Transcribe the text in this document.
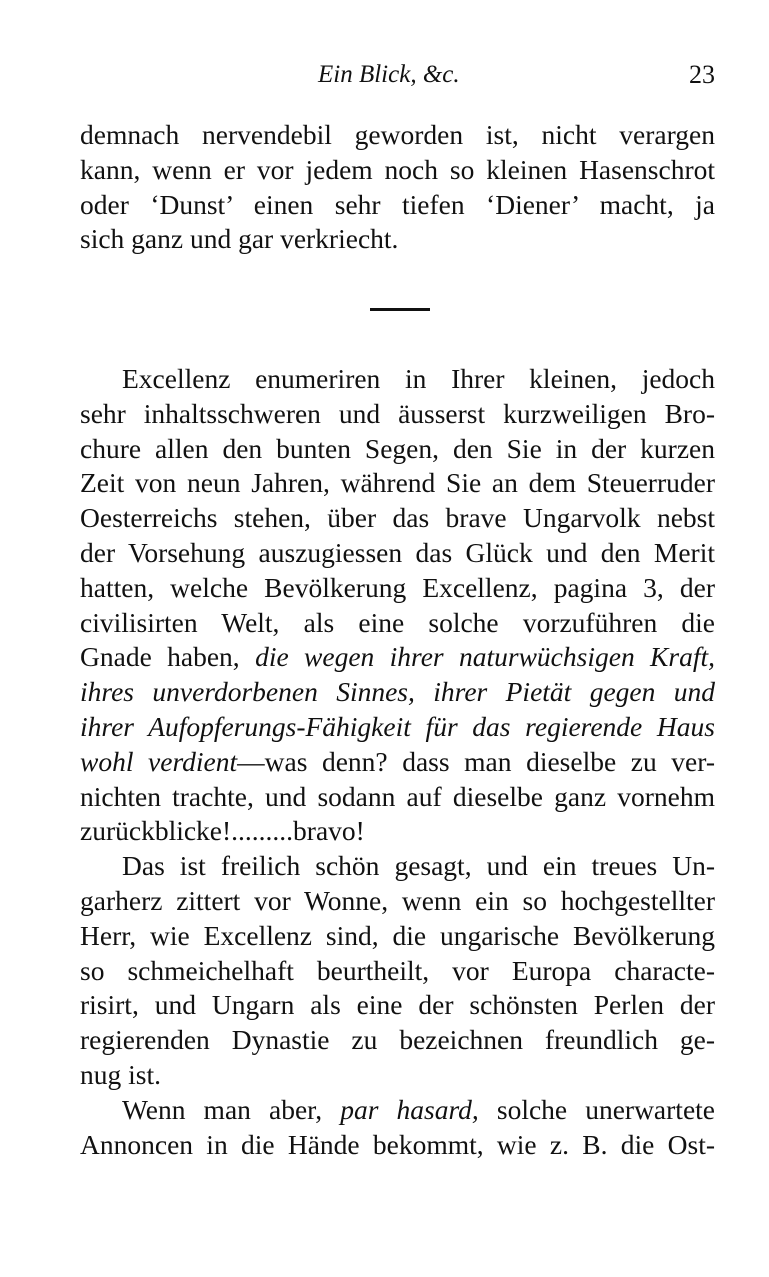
Ein Blick, &c.	23
demnach nervendebil geworden ist, nicht verargen
kann, wenn er vor jedem noch so kleinen Hasenschrot
oder ‘Dunst’ einen sehr tiefen ‘Diener’ macht, ja
sich ganz und gar verkriecht.
Excellenz enumeriren in Ihrer kleinen, jedoch
sehr inhaltsschweren und äusserst kurzweiligen Bro-
chure allen den bunten Segen, den Sie in der kurzen
Zeit von neun Jahren, während Sie an dem Steuerruder
Oesterreichs stehen, über das brave Ungarvolk nebst
der Vorsehung auszugiessen das Glück und den Merit
hatten, welche Bevölkerung Excellenz, pagina 3, der
civilisirten Welt, als eine solche vorzuführen die
Gnade haben, die wegen ihrer naturwüchsigen Kraft,
ihres unverdorbenen Sinnes, ihrer Pietät gegen und
ihrer Aufopferungs-Fähigkeit für das regierende Haus
wohl verdient—was denn? dass man dieselbe zu ver-
nichten trachte, und sodann auf dieselbe ganz vornehm
zurückblicke!.........bravo!
Das ist freilich schön gesagt, und ein treues Un-
garherz zittert vor Wonne, wenn ein so hochgestellter
Herr, wie Excellenz sind, die ungarische Bevölkerung
so schmeichelhaft beurtheilt, vor Europa characte-
risirt, und Ungarn als eine der schönsten Perlen der
regierenden Dynastie zu bezeichnen freundlich ge-
nug ist.
Wenn man aber, par hasard, solche unerwartete
Annoncen in die Hände bekommt, wie z. B. die Ost-
